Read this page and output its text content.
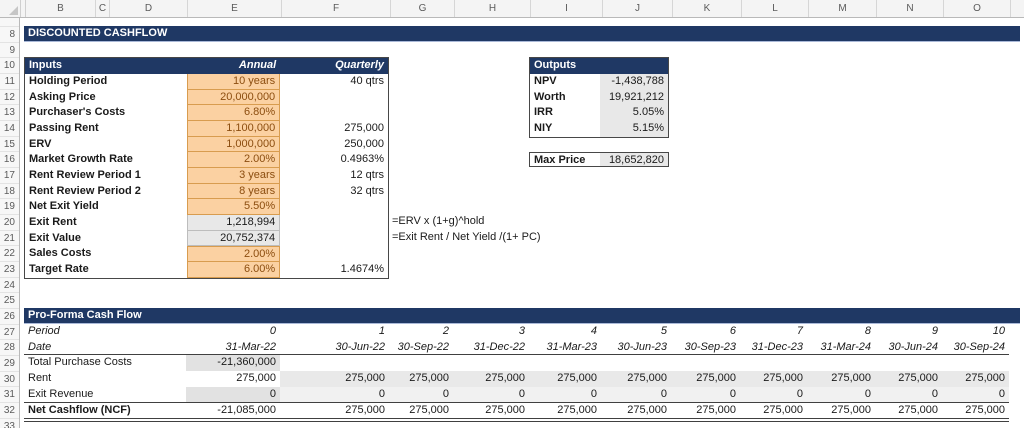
B	C	D	E	F	G	H	I	J	K	L	M	N	O
8
9
10
11
12
13
14
15
16
17
18
19
20
21
22
23
24
25
26
27
28
29
30
31
32
33
DISCOUNTED CASHFLOW
Inputs	Annual	Quarterly
Holding Period	10 years	40 qtrs
Asking Price	20,000,000
Purchaser's Costs	6.80%
Passing Rent	1,100,000	275,000
ERV	1,000,000	250,000
Market Growth Rate	2.00%	0.4963%
Rent Review Period 1	3 years	12 qtrs
Rent Review Period 2	8 years	32 qtrs
Net Exit Yield	5.50%
Exit Rent	1,218,994
Exit Value	20,752,374
Sales Costs	2.00%
Target Rate	6.00%	1.4674%
=ERV x (1+g)^hold
=Exit Rent / Net Yield /(1+ PC)
Outputs
NPV	-1,438,788
Worth	19,921,212
IRR	5.05%
NIY	5.15%
Max Price	18,652,820
Pro-Forma Cash Flow
Period	0	1	2	3	4	5	6	7	8	9	10
Date	31-Mar-22	30-Jun-22	30-Sep-22	31-Dec-22	31-Mar-23	30-Jun-23	30-Sep-23	31-Dec-23	31-Mar-24	30-Jun-24	30-Sep-24
Total Purchase Costs	-21,360,000
Rent	275,000	275,000	275,000	275,000	275,000	275,000	275,000	275,000	275,000	275,000	275,000
Exit Revenue	0	0	0	0	0	0	0	0	0	0	0
Net Cashflow (NCF)	-21,085,000	275,000	275,000	275,000	275,000	275,000	275,000	275,000	275,000	275,000	275,000
